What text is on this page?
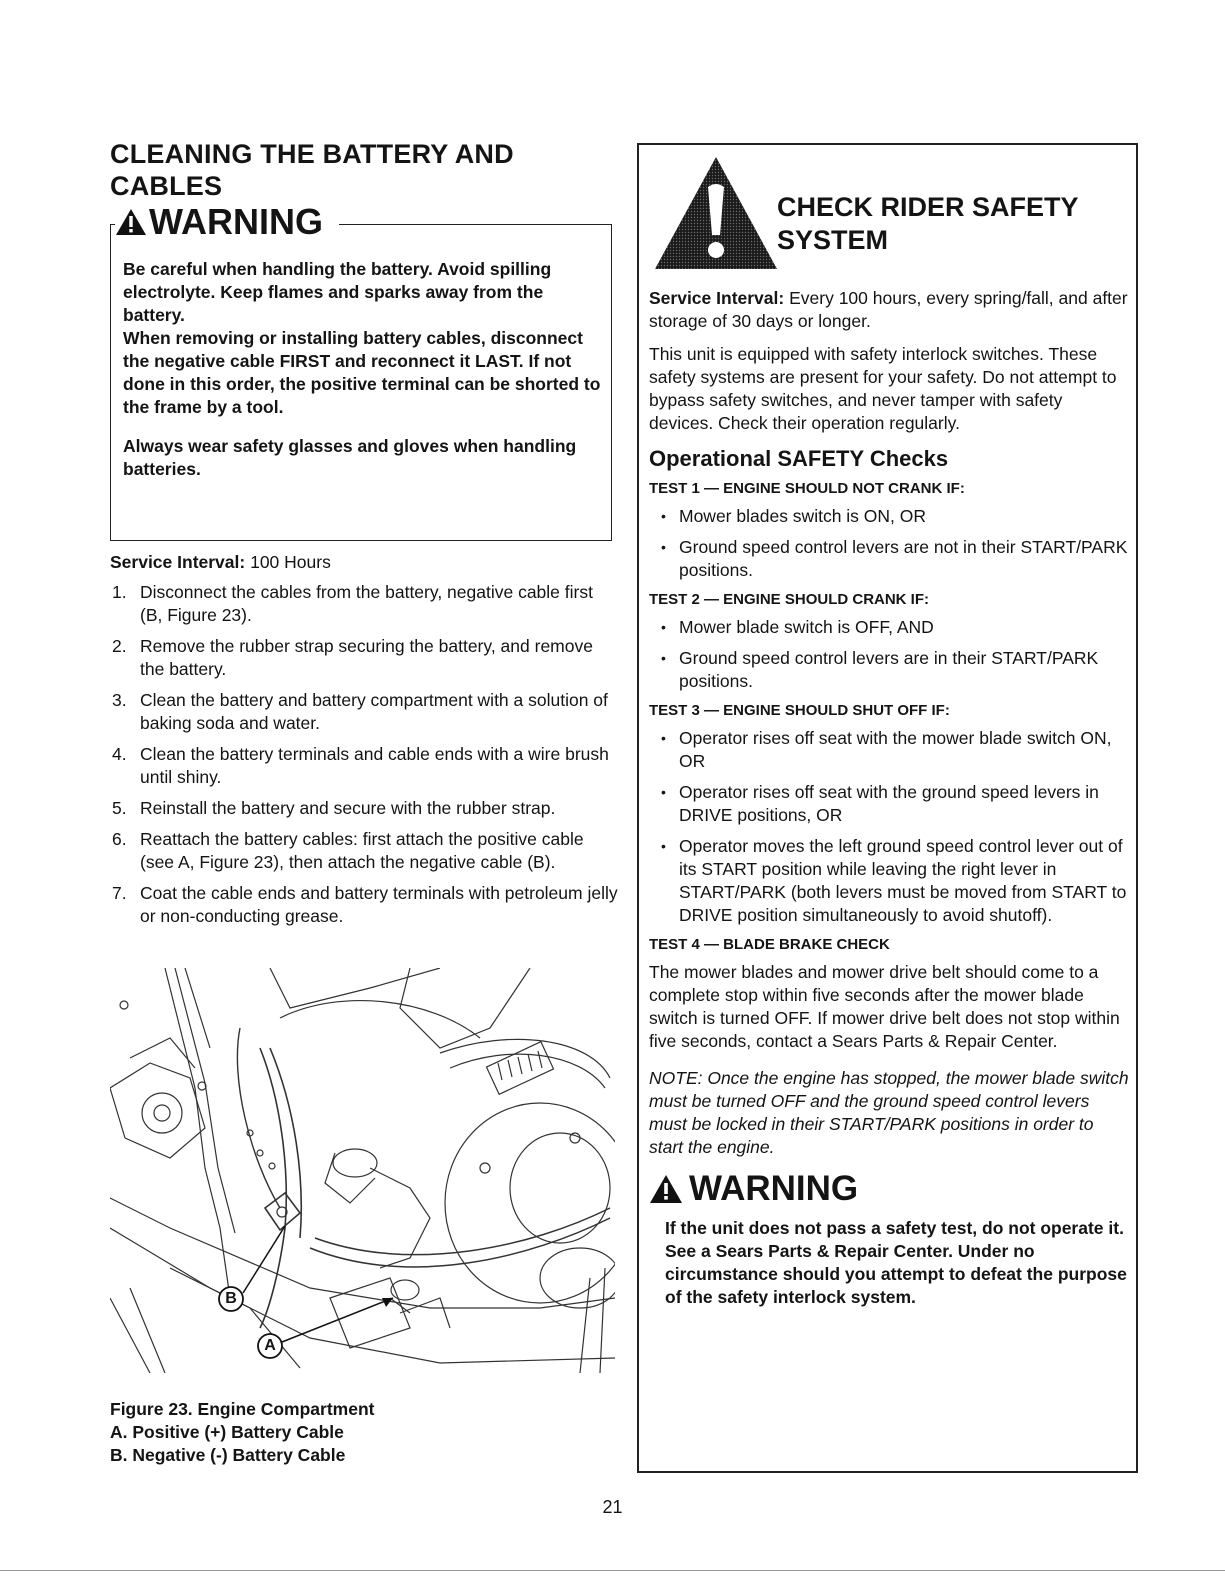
CLEANING THE BATTERY AND
CABLES
WARNING

Be careful when handling the battery. Avoid spilling electrolyte. Keep flames and sparks away from the battery.

When removing or installing battery cables, disconnect the negative cable FIRST and reconnect it LAST. If not done in this order, the positive terminal can be shorted to the frame by a tool.

Always wear safety glasses and gloves when handling batteries.

Service Interval: 100 Hours
1. Disconnect the cables from the battery, negative cable first (B, Figure 23).
2. Remove the rubber strap securing the battery, and remove the battery.
3. Clean the battery and battery compartment with a solution of baking soda and water.
4. Clean the battery terminals and cable ends with a wire brush until shiny.
5. Reinstall the battery and secure with the rubber strap.
6. Reattach the battery cables: first attach the positive cable (see A, Figure 23), then attach the negative cable (B).
7. Coat the cable ends and battery terminals with petroleum jelly or non-conducting grease.
B
A
Figure 23. Engine Compartment
A. Positive (+) Battery Cable
B. Negative (-) Battery Cable
CHECK RIDER SAFETY
SYSTEM

Service Interval: Every 100 hours, every spring/fall, and after storage of 30 days or longer.

This unit is equipped with safety interlock switches. These safety systems are present for your safety. Do not attempt to bypass safety switches, and never tamper with safety devices. Check their operation regularly.

Operational SAFETY Checks
TEST 1 — ENGINE SHOULD NOT CRANK IF:
• Mower blades switch is ON, OR
• Ground speed control levers are not in their START/PARK positions.
TEST 2 — ENGINE SHOULD CRANK IF:
• Mower blade switch is OFF, AND
• Ground speed control levers are in their START/PARK positions.
TEST 3 — ENGINE SHOULD SHUT OFF IF:
• Operator rises off seat with the mower blade switch ON, OR
• Operator rises off seat with the ground speed levers in DRIVE positions, OR
• Operator moves the left ground speed control lever out of its START position while leaving the right lever in START/PARK (both levers must be moved from START to DRIVE position simultaneously to avoid shutoff).
TEST 4 — BLADE BRAKE CHECK

The mower blades and mower drive belt should come to a complete stop within five seconds after the mower blade switch is turned OFF. If mower drive belt does not stop within five seconds, contact a Sears Parts & Repair Center.

NOTE: Once the engine has stopped, the mower blade switch must be turned OFF and the ground speed control levers must be locked in their START/PARK positions in order to start the engine.

WARNING
If the unit does not pass a safety test, do not operate it. See a Sears Parts & Repair Center. Under no circumstance should you attempt to defeat the purpose of the safety interlock system.
21
